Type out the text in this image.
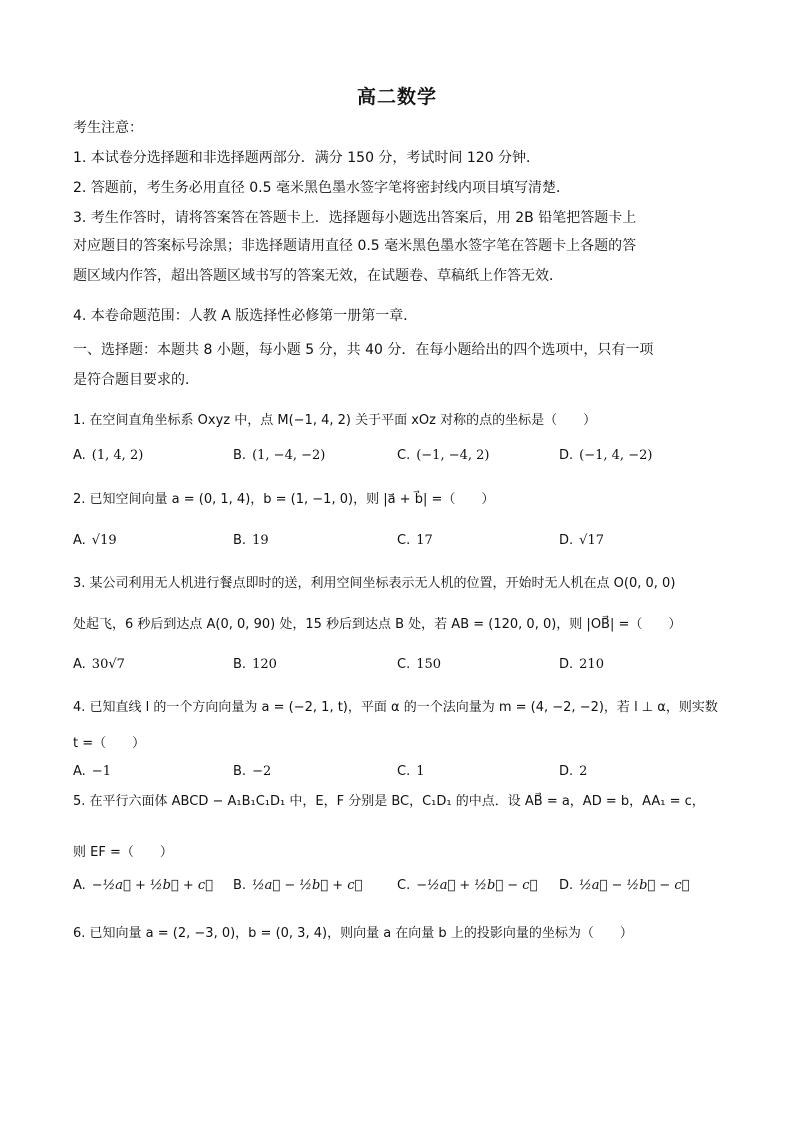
高二数学
考生注意：
1. 本试卷分选择题和非选择题两部分．满分 150 分，考试时间 120 分钟．
2. 答题前，考生务必用直径 0.5 毫米黑色墨水签字笔将密封线内项目填写清楚．
3. 考生作答时，请将答案答在答题卡上．选择题每小题选出答案后，用 2B 铅笔把答题卡上
对应题目的答案标号涂黑；非选择题请用直径 0.5 毫米黑色墨水签字笔在答题卡上各题的答
题区域内作答，超出答题区域书写的答案无效，在试题卷、草稿纸上作答无效．
4. 本卷命题范围：人教 A 版选择性必修第一册第一章．
一、选择题：本题共 8 小题，每小题 5 分，共 40 分．在每小题给出的四个选项中，只有一项
是符合题目要求的．
1. 在空间直角坐标系 Oxyz 中，点 M(−1, 4, 2) 关于平面 xOz 对称的点的坐标是（　　）
A. (1, 4, 2)	B. (1, −4, −2)	C. (−1, −4, 2)	D. (−1, 4, −2)
2. 已知空间向量 a = (0, 1, 4)，b = (1, −1, 0)，则 |a⃗ + b⃗| =（　　）
A. √19	B. 19	C. 17	D. √17
3. 某公司利用无人机进行餐点即时的送，利用空间坐标表示无人机的位置，开始时无人机在点 O(0, 0, 0)
处起飞，6 秒后到达点 A(0, 0, 90) 处，15 秒后到达点 B 处，若 AB = (120, 0, 0)，则 |OB⃗| =（　　）
A. 30√7	B. 120	C. 150	D. 210
4. 已知直线 l 的一个方向向量为 a = (−2, 1, t)，平面 α 的一个法向量为 m = (4, −2, −2)，若 l ⊥ α，则实数
t =（　　）
A. −1	B. −2	C. 1	D. 2
5. 在平行六面体 ABCD − A₁B₁C₁D₁ 中，E，F 分别是 BC，C₁D₁ 的中点．设 AB⃗ = a，AD = b，AA₁ = c，
则 EF =（　　）
A. −½a⃗ + ½b⃗ + c⃗ B. ½a⃗ − ½b⃗ + c⃗	C. −½a⃗ + ½b⃗ − c⃗ D. ½a⃗ − ½b⃗ − c⃗
6. 已知向量 a = (2, −3, 0)，b = (0, 3, 4)，则向量 a 在向量 b 上的投影向量的坐标为（　　）
